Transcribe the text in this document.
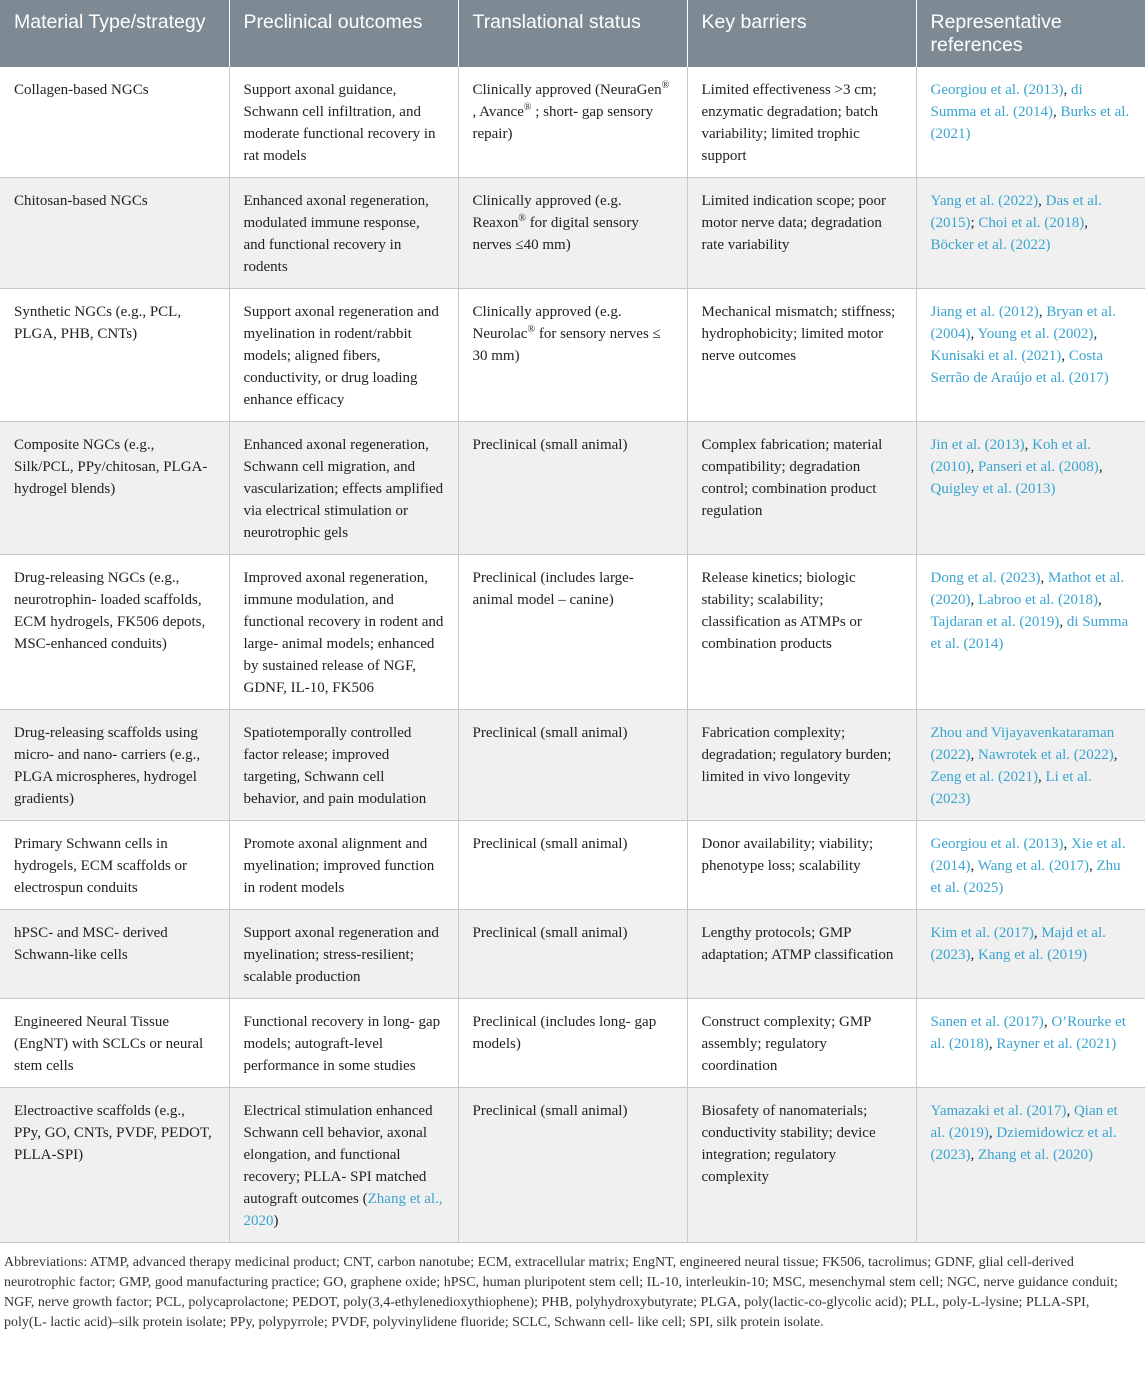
Material Type/strategy	Preclinical outcomes	Translational status	Key barriers	Representative references
Collagen-based NGCs	Support axonal guidance, Schwann cell infiltration, and moderate functional recovery in rat models	Clinically approved (NeuraGen® , Avance® ; short- gap sensory repair)	Limited effectiveness >3 cm; enzymatic degradation; batch variability; limited trophic support	Georgiou et al. (2013), di Summa et al. (2014), Burks et al. (2021)
Chitosan-based NGCs	Enhanced axonal regeneration, modulated immune response, and functional recovery in rodents	Clinically approved (e.g. Reaxon® for digital sensory nerves ≤40 mm)	Limited indication scope; poor motor nerve data; degradation rate variability	Yang et al. (2022), Das et al. (2015); Choi et al. (2018), Böcker et al. (2022)
Synthetic NGCs (e.g., PCL, PLGA, PHB, CNTs)	Support axonal regeneration and myelination in rodent/rabbit models; aligned fibers, conductivity, or drug loading enhance efficacy	Clinically approved (e.g. Neurolac® for sensory nerves ≤ 30 mm)	Mechanical mismatch; stiffness; hydrophobicity; limited motor nerve outcomes	Jiang et al. (2012), Bryan et al. (2004), Young et al. (2002), Kunisaki et al. (2021), Costa Serrão de Araújo et al. (2017)
Composite NGCs (e.g., Silk/PCL, PPy/chitosan, PLGA-hydrogel blends)	Enhanced axonal regeneration, Schwann cell migration, and vascularization; effects amplified via electrical stimulation or neurotrophic gels	Preclinical (small animal)	Complex fabrication; material compatibility; degradation control; combination product regulation	Jin et al. (2013), Koh et al. (2010), Panseri et al. (2008), Quigley et al. (2013)
Drug-releasing NGCs (e.g., neurotrophin- loaded scaffolds, ECM hydrogels, FK506 depots, MSC-enhanced conduits)	Improved axonal regeneration, immune modulation, and functional recovery in rodent and large- animal models; enhanced by sustained release of NGF, GDNF, IL-10, FK506	Preclinical (includes large- animal model – canine)	Release kinetics; biologic stability; scalability; classification as ATMPs or combination products	Dong et al. (2023), Mathot et al. (2020), Labroo et al. (2018), Tajdaran et al. (2019), di Summa et al. (2014)
Drug-releasing scaffolds using micro- and nano- carriers (e.g., PLGA microspheres, hydrogel gradients)	Spatiotemporally controlled factor release; improved targeting, Schwann cell behavior, and pain modulation	Preclinical (small animal)	Fabrication complexity; degradation; regulatory burden; limited in vivo longevity	Zhou and Vijayavenkataraman (2022), Nawrotek et al. (2022), Zeng et al. (2021), Li et al. (2023)
Primary Schwann cells in hydrogels, ECM scaffolds or electrospun conduits	Promote axonal alignment and myelination; improved function in rodent models	Preclinical (small animal)	Donor availability; viability; phenotype loss; scalability	Georgiou et al. (2013), Xie et al. (2014), Wang et al. (2017), Zhu et al. (2025)
hPSC- and MSC- derived Schwann-like cells	Support axonal regeneration and myelination; stress-resilient; scalable production	Preclinical (small animal)	Lengthy protocols; GMP adaptation; ATMP classification	Kim et al. (2017), Majd et al. (2023), Kang et al. (2019)
Engineered Neural Tissue (EngNT) with SCLCs or neural stem cells	Functional recovery in long- gap models; autograft-level performance in some studies	Preclinical (includes long- gap models)	Construct complexity; GMP assembly; regulatory coordination	Sanen et al. (2017), O’Rourke et al. (2018), Rayner et al. (2021)
Electroactive scaffolds (e.g., PPy, GO, CNTs, PVDF, PEDOT, PLLA-SPI)	Electrical stimulation enhanced Schwann cell behavior, axonal elongation, and functional recovery; PLLA- SPI matched autograft outcomes (Zhang et al., 2020)	Preclinical (small animal)	Biosafety of nanomaterials; conductivity stability; device integration; regulatory complexity	Yamazaki et al. (2017), Qian et al. (2019), Dziemidowicz et al. (2023), Zhang et al. (2020)
Abbreviations: ATMP, advanced therapy medicinal product; CNT, carbon nanotube; ECM, extracellular matrix; EngNT, engineered neural tissue; FK506, tacrolimus; GDNF, glial cell-derived neurotrophic factor; GMP, good manufacturing practice; GO, graphene oxide; hPSC, human pluripotent stem cell; IL-10, interleukin-10; MSC, mesenchymal stem cell; NGC, nerve guidance conduit; NGF, nerve growth factor; PCL, polycaprolactone; PEDOT, poly(3,4-ethylenedioxythiophene); PHB, polyhydroxybutyrate; PLGA, poly(lactic-co-glycolic acid); PLL, poly-L-lysine; PLLA-SPI, poly(L- lactic acid)–silk protein isolate; PPy, polypyrrole; PVDF, polyvinylidene fluoride; SCLC, Schwann cell- like cell; SPI, silk protein isolate.
